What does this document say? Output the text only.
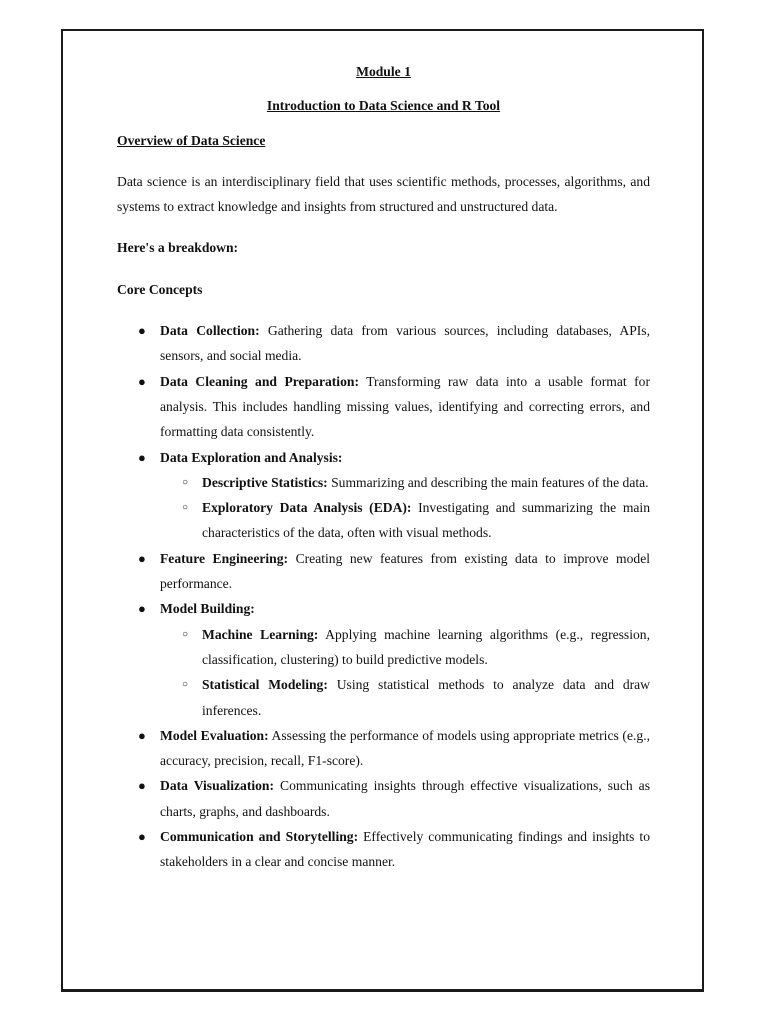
Module 1

Introduction to Data Science and R Tool

Overview of Data Science

Data science is an interdisciplinary field that uses scientific methods, processes, algorithms, and systems to extract knowledge and insights from structured and unstructured data.

Here's a breakdown:

Core Concepts

● Data Collection: Gathering data from various sources, including databases, APIs, sensors, and social media.
● Data Cleaning and Preparation: Transforming raw data into a usable format for analysis. This includes handling missing values, identifying and correcting errors, and formatting data consistently.
● Data Exploration and Analysis:
○ Descriptive Statistics: Summarizing and describing the main features of the data.
○ Exploratory Data Analysis (EDA): Investigating and summarizing the main characteristics of the data, often with visual methods.
● Feature Engineering: Creating new features from existing data to improve model performance.
● Model Building:
○ Machine Learning: Applying machine learning algorithms (e.g., regression, classification, clustering) to build predictive models.
○ Statistical Modeling: Using statistical methods to analyze data and draw inferences.
● Model Evaluation: Assessing the performance of models using appropriate metrics (e.g., accuracy, precision, recall, F1-score).
● Data Visualization: Communicating insights through effective visualizations, such as charts, graphs, and dashboards.
● Communication and Storytelling: Effectively communicating findings and insights to stakeholders in a clear and concise manner.
